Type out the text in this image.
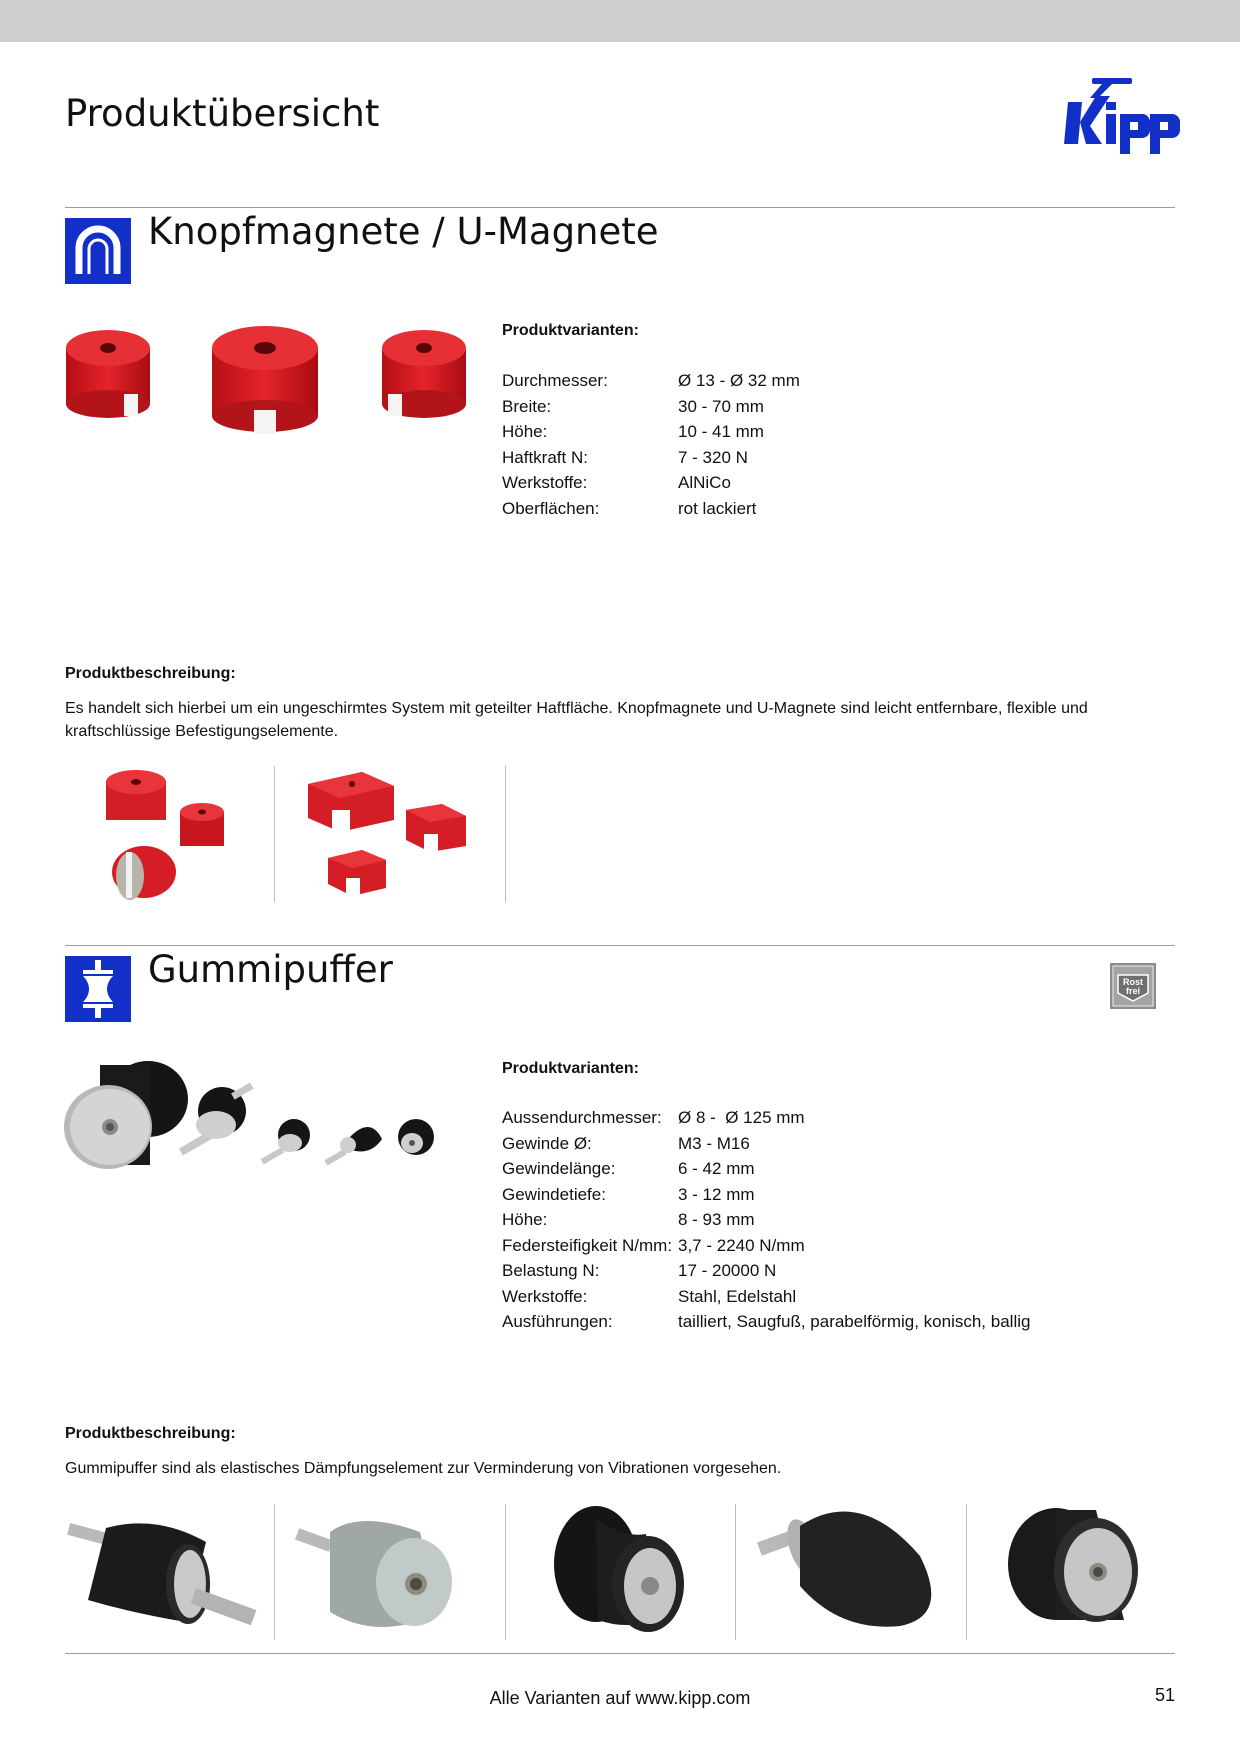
Produktübersicht
Knopfmagnete / U-Magnete
Produktvarianten:
Durchmesser:	Ø 13 - Ø 32 mm
Breite:	30 - 70 mm
Höhe:	10 - 41 mm
Haftkraft N:	7 - 320 N
Werkstoffe:	AlNiCo
Oberflächen:	rot lackiert
Produktbeschreibung:
Es handelt sich hierbei um ein ungeschirmtes System mit geteilter Haftfläche. Knopfmagnete und U-Magnete sind leicht entfernbare, flexible und kraftschlüssige Befestigungselemente.
Gummipuffer	Rost
frei
Produktvarianten:
Aussendurchmesser: Ø 8 -  Ø 125 mm
Gewinde Ø:	M3 - M16
Gewindelänge:	6 - 42 mm
Gewindetiefe:	3 - 12 mm
Höhe:	8 - 93 mm
Federsteifigkeit N/mm: 3,7 - 2240 N/mm
Belastung N:	17 - 20000 N
Werkstoffe:	Stahl, Edelstahl
Ausführungen:	tailliert, Saugfuß, parabelförmig, konisch, ballig
Produktbeschreibung:
Gummipuffer sind als elastisches Dämpfungselement zur Verminderung von Vibrationen vorgesehen.
Alle Varianten auf www.kipp.com	51
